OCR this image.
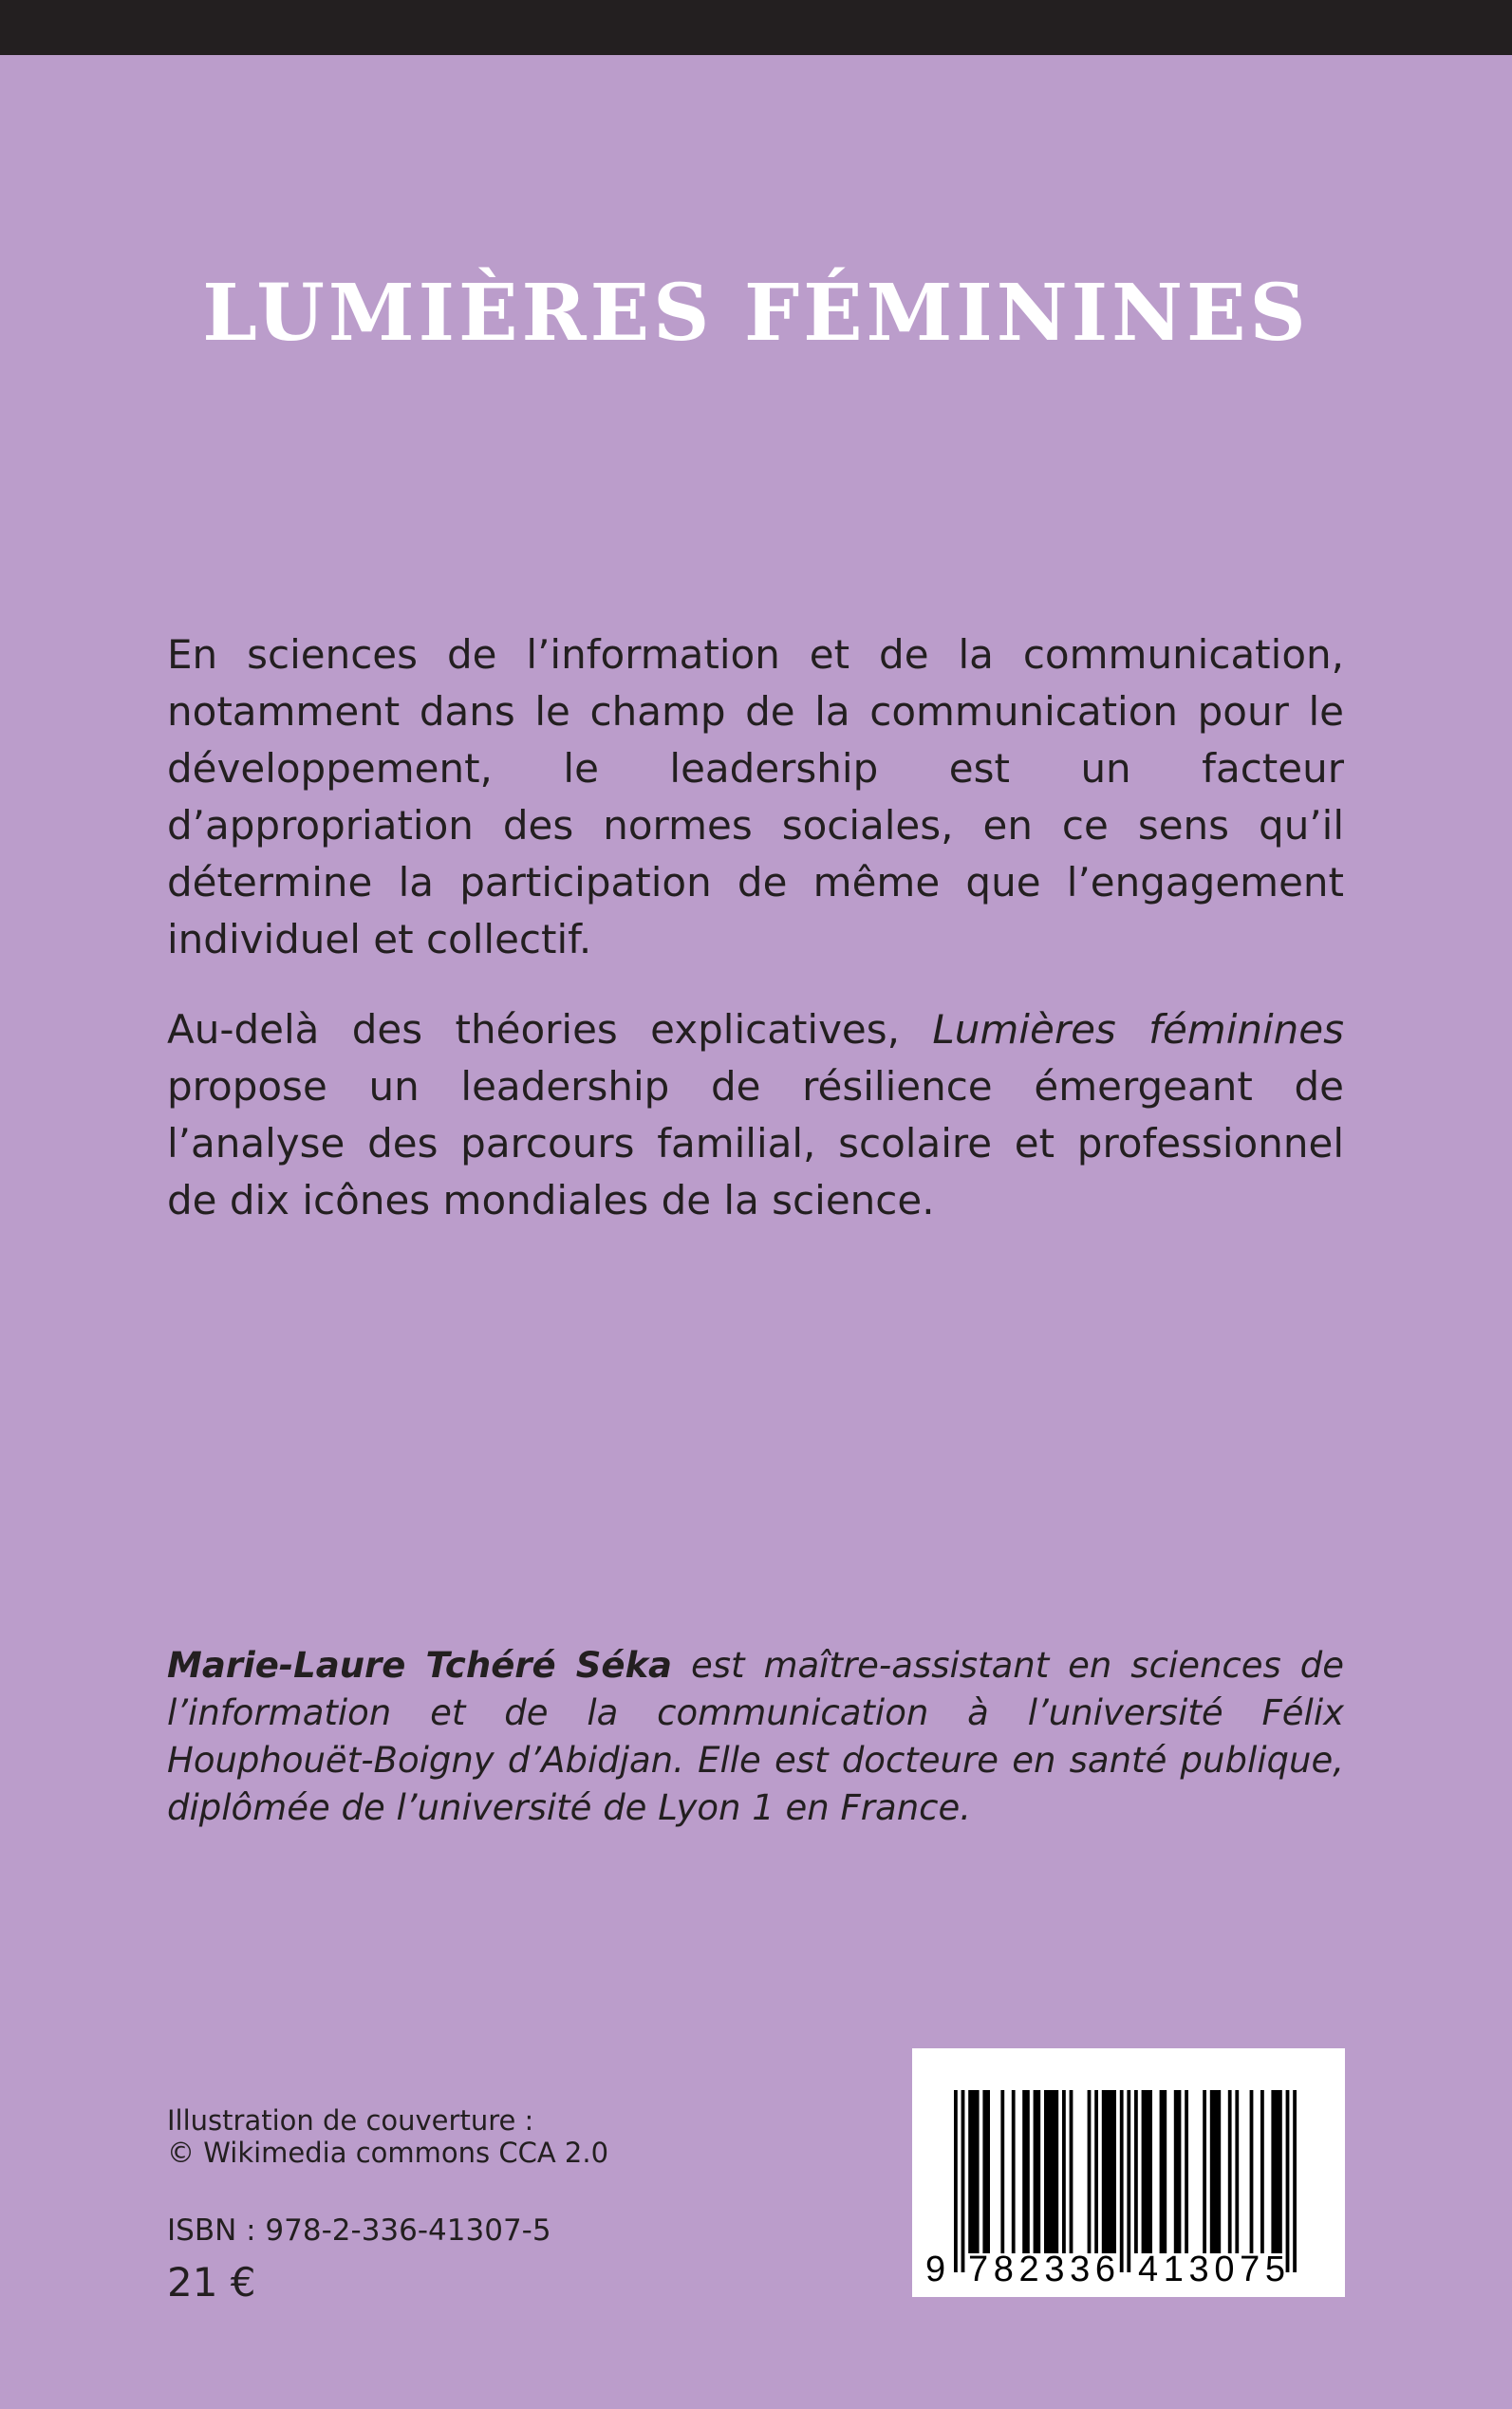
LUMIÈRES FÉMININES

En sciences de l’information et de la communication, notamment dans le champ de la communication pour le développement, le leadership est un facteur d’appropriation des normes sociales, en ce sens qu’il détermine la participation de même que l’engagement individuel et collectif.

Au-delà des théories explicatives, Lumières féminines propose un leadership de résilience émergeant de l’analyse des parcours familial, scolaire et professionnel de dix icônes mondiales de la science.

Marie-Laure Tchéré Séka est maître-assistant en sciences de l’information et de la communication à l’université Félix Houphouët-Boigny d’Abidjan. Elle est docteure en santé publique, diplômée de l’université de Lyon 1 en France.

Illustration de couverture :
© Wikimedia commons CCA 2.0
ISBN : 978-2-336-41307-5
21 €	9 782336 413075
